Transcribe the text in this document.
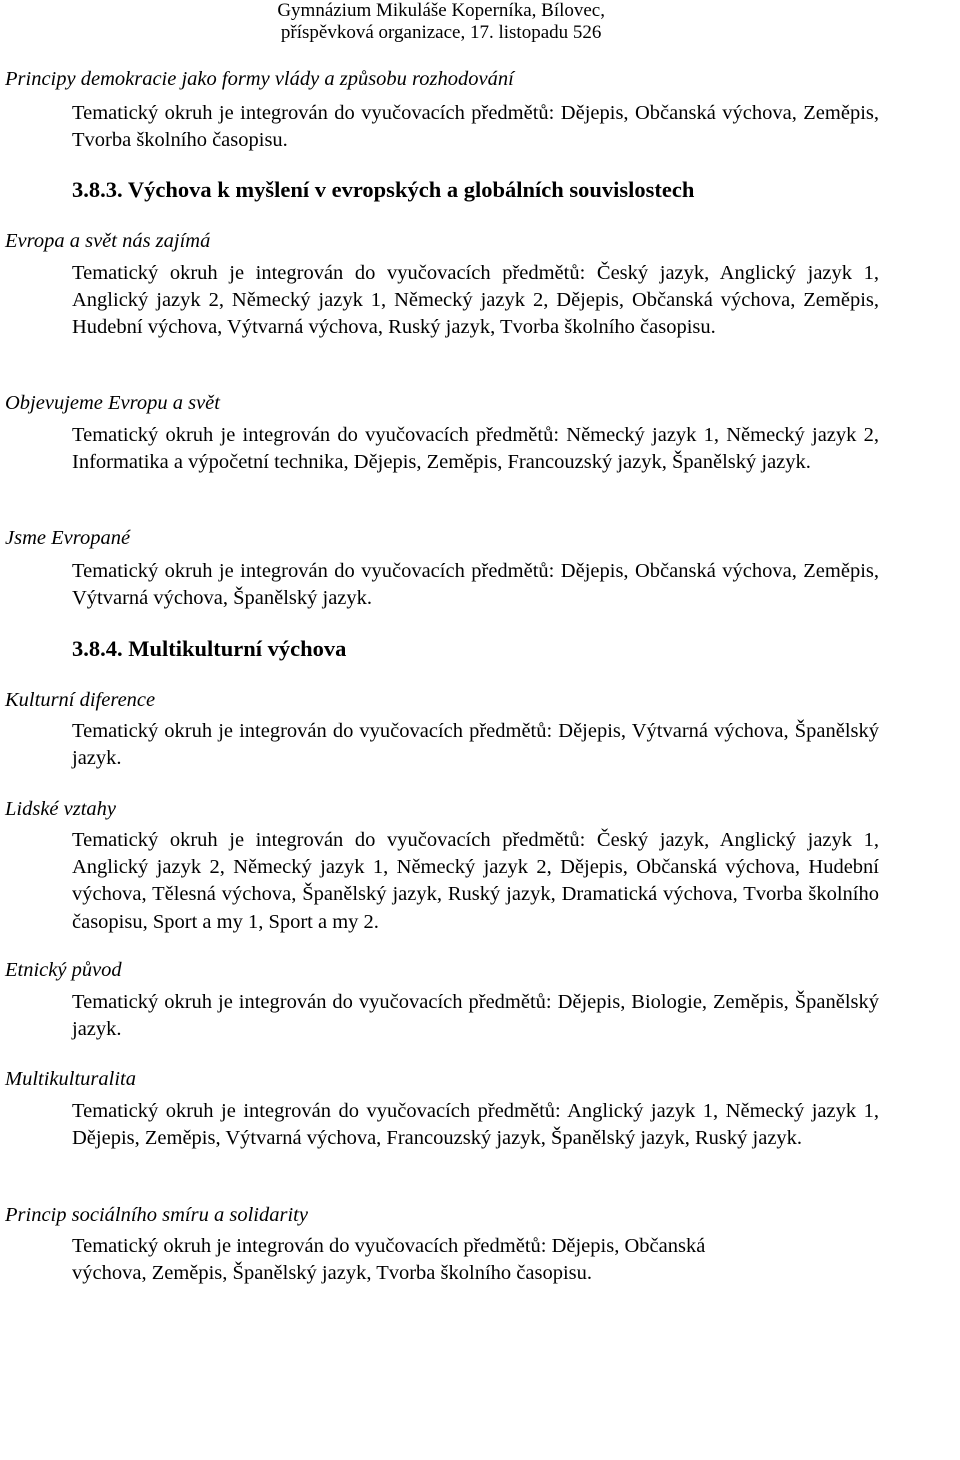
Gymnázium Mikuláše Koperníka, Bílovec,
příspěvková organizace, 17. listopadu 526
Principy demokracie jako formy vlády a způsobu rozhodování
Tematický okruh je integrován do vyučovacích předmětů: Dějepis, Občanská výchova, Zeměpis, Tvorba školního časopisu.
3.8.3. Výchova k myšlení v evropských a globálních souvislostech
Evropa a svět nás zajímá
Tematický okruh je integrován do vyučovacích předmětů: Český jazyk, Anglický jazyk 1, Anglický jazyk 2, Německý jazyk 1, Německý jazyk 2, Dějepis, Občanská výchova, Zeměpis, Hudební výchova, Výtvarná výchova, Ruský jazyk, Tvorba školního časopisu.
Objevujeme Evropu a svět
Tematický okruh je integrován do vyučovacích předmětů: Německý jazyk 1, Německý jazyk 2, Informatika a výpočetní technika, Dějepis, Zeměpis, Francouzský jazyk, Španělský jazyk.
Jsme Evropané
Tematický okruh je integrován do vyučovacích předmětů: Dějepis, Občanská výchova, Zeměpis, Výtvarná výchova, Španělský jazyk.
3.8.4. Multikulturní výchova
Kulturní diference
Tematický okruh je integrován do vyučovacích předmětů: Dějepis, Výtvarná výchova, Španělský jazyk.
Lidské vztahy
Tematický okruh je integrován do vyučovacích předmětů: Český jazyk, Anglický jazyk 1, Anglický jazyk 2, Německý jazyk 1, Německý jazyk 2, Dějepis, Občanská výchova, Hudební výchova, Tělesná výchova, Španělský jazyk, Ruský jazyk, Dramatická výchova, Tvorba školního časopisu, Sport a my 1, Sport a my 2.
Etnický původ
Tematický okruh je integrován do vyučovacích předmětů: Dějepis, Biologie, Zeměpis, Španělský jazyk.
Multikulturalita
Tematický okruh je integrován do vyučovacích předmětů: Anglický jazyk 1, Německý jazyk 1, Dějepis, Zeměpis, Výtvarná výchova, Francouzský jazyk, Španělský jazyk, Ruský jazyk.
Princip sociálního smíru a solidarity
Tematický okruh je integrován do vyučovacích předmětů: Dějepis, Občanská
výchova, Zeměpis, Španělský jazyk, Tvorba školního časopisu.
